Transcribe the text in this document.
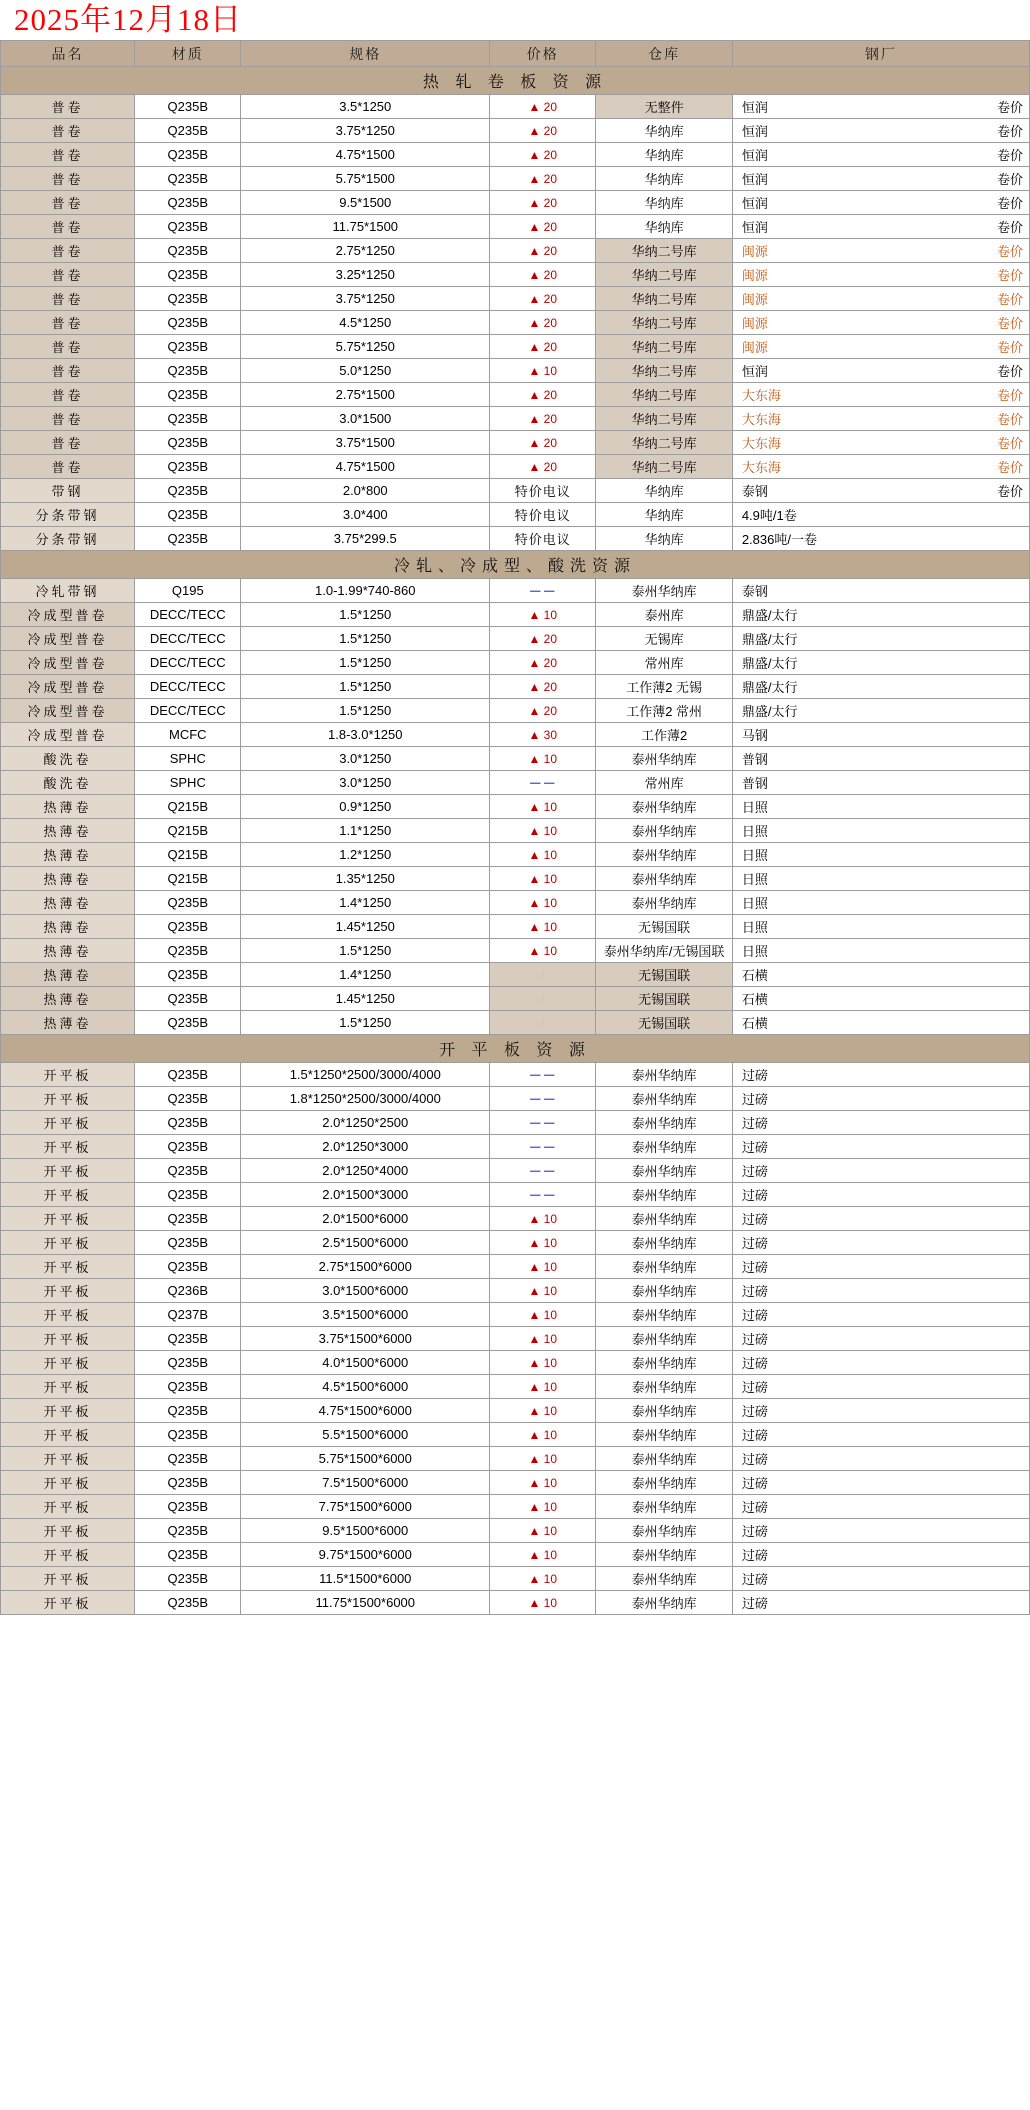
2025年12月18日
品名	材质	规格	价格	仓库	钢厂
热 轧 卷 板 资 源					
普卷	Q235B	3.5*1250	▲ 20	无整件	恒润 卷价

普卷	Q235B	3.75*1250	▲ 20	华纳库	恒润 卷价

普卷	Q235B	4.75*1500	▲ 20	华纳库	恒润 卷价

普卷	Q235B	5.75*1500	▲ 20	华纳库	恒润 卷价

普卷	Q235B	9.5*1500	▲ 20	华纳库	恒润 卷价

普卷	Q235B	11.75*1500	▲ 20	华纳库	恒润 卷价

普卷	Q235B	2.75*1250	▲ 20	华纳二号库	闽源 卷价

普卷	Q235B	3.25*1250	▲ 20	华纳二号库	闽源 卷价

普卷	Q235B	3.75*1250	▲ 20	华纳二号库	闽源 卷价

普卷	Q235B	4.5*1250	▲ 20	华纳二号库	闽源 卷价

普卷	Q235B	5.75*1250	▲ 20	华纳二号库	闽源 卷价

普卷	Q235B	5.0*1250	▲ 10	华纳二号库	恒润 卷价

普卷	Q235B	2.75*1500	▲ 20	华纳二号库	大东海 卷价

普卷	Q235B	3.0*1500	▲ 20	华纳二号库	大东海 卷价

普卷	Q235B	3.75*1500	▲ 20	华纳二号库	大东海 卷价

普卷	Q235B	4.75*1500	▲ 20	华纳二号库	大东海 卷价

带钢	Q235B	2.0*800	特价电议	华纳库	泰钢 卷价

分条带钢	Q235B	3.0*400	特价电议	华纳库	4.9吨/1卷

分条带钢	Q235B	3.75*299.5	特价电议	华纳库	2.836吨/一卷

冷轧、冷成型、酸洗资源					
冷轧带钢	Q195	1.0-1.99*740-860	－－	泰州华纳库	泰钢

冷成型普卷	DECC/TECC	1.5*1250	▲ 10	泰州库	鼎盛/太行

冷成型普卷	DECC/TECC	1.5*1250	▲ 20	无锡库	鼎盛/太行

冷成型普卷	DECC/TECC	1.5*1250	▲ 20	常州库	鼎盛/太行

冷成型普卷	DECC/TECC	1.5*1250	▲ 20	工作薄2 无锡	鼎盛/太行

冷成型普卷	DECC/TECC	1.5*1250	▲ 20	工作薄2 常州	鼎盛/太行

冷成型普卷	MCFC	1.8-3.0*1250	▲ 30	工作薄2	马钢

酸洗卷	SPHC	3.0*1250	▲ 10	泰州华纳库	普钢

酸洗卷	SPHC	3.0*1250	－－	常州库	普钢

热薄卷	Q215B	0.9*1250	▲ 10	泰州华纳库	日照

热薄卷	Q215B	1.1*1250	▲ 10	泰州华纳库	日照

热薄卷	Q215B	1.2*1250	▲ 10	泰州华纳库	日照

热薄卷	Q215B	1.35*1250	▲ 10	泰州华纳库	日照

热薄卷	Q235B	1.4*1250	▲ 10	泰州华纳库	日照

热薄卷	Q235B	1.45*1250	▲ 10	无锡国联	日照

热薄卷	Q235B	1.5*1250	▲ 10	泰州华纳库/无锡国联	日照

热薄卷	Q235B	1.4*1250	/	无锡国联	石横

热薄卷	Q235B	1.45*1250	/	无锡国联	石横

热薄卷	Q235B	1.5*1250	/	无锡国联	石横

开 平 板 资 源					
开平板	Q235B	1.5*1250*2500/3000/4000	－－	泰州华纳库	过磅

开平板	Q235B	1.8*1250*2500/3000/4000	－－	泰州华纳库	过磅

开平板	Q235B	2.0*1250*2500	－－	泰州华纳库	过磅

开平板	Q235B	2.0*1250*3000	－－	泰州华纳库	过磅

开平板	Q235B	2.0*1250*4000	－－	泰州华纳库	过磅

开平板	Q235B	2.0*1500*3000	－－	泰州华纳库	过磅

开平板	Q235B	2.0*1500*6000	▲ 10	泰州华纳库	过磅

开平板	Q235B	2.5*1500*6000	▲ 10	泰州华纳库	过磅

开平板	Q235B	2.75*1500*6000	▲ 10	泰州华纳库	过磅

开平板	Q236B	3.0*1500*6000	▲ 10	泰州华纳库	过磅

开平板	Q237B	3.5*1500*6000	▲ 10	泰州华纳库	过磅

开平板	Q235B	3.75*1500*6000	▲ 10	泰州华纳库	过磅

开平板	Q235B	4.0*1500*6000	▲ 10	泰州华纳库	过磅

开平板	Q235B	4.5*1500*6000	▲ 10	泰州华纳库	过磅

开平板	Q235B	4.75*1500*6000	▲ 10	泰州华纳库	过磅

开平板	Q235B	5.5*1500*6000	▲ 10	泰州华纳库	过磅

开平板	Q235B	5.75*1500*6000	▲ 10	泰州华纳库	过磅

开平板	Q235B	7.5*1500*6000	▲ 10	泰州华纳库	过磅

开平板	Q235B	7.75*1500*6000	▲ 10	泰州华纳库	过磅

开平板	Q235B	9.5*1500*6000	▲ 10	泰州华纳库	过磅

开平板	Q235B	9.75*1500*6000	▲ 10	泰州华纳库	过磅

开平板	Q235B	11.5*1500*6000	▲ 10	泰州华纳库	过磅

开平板	Q235B	11.75*1500*6000	▲ 10	泰州华纳库	过磅
